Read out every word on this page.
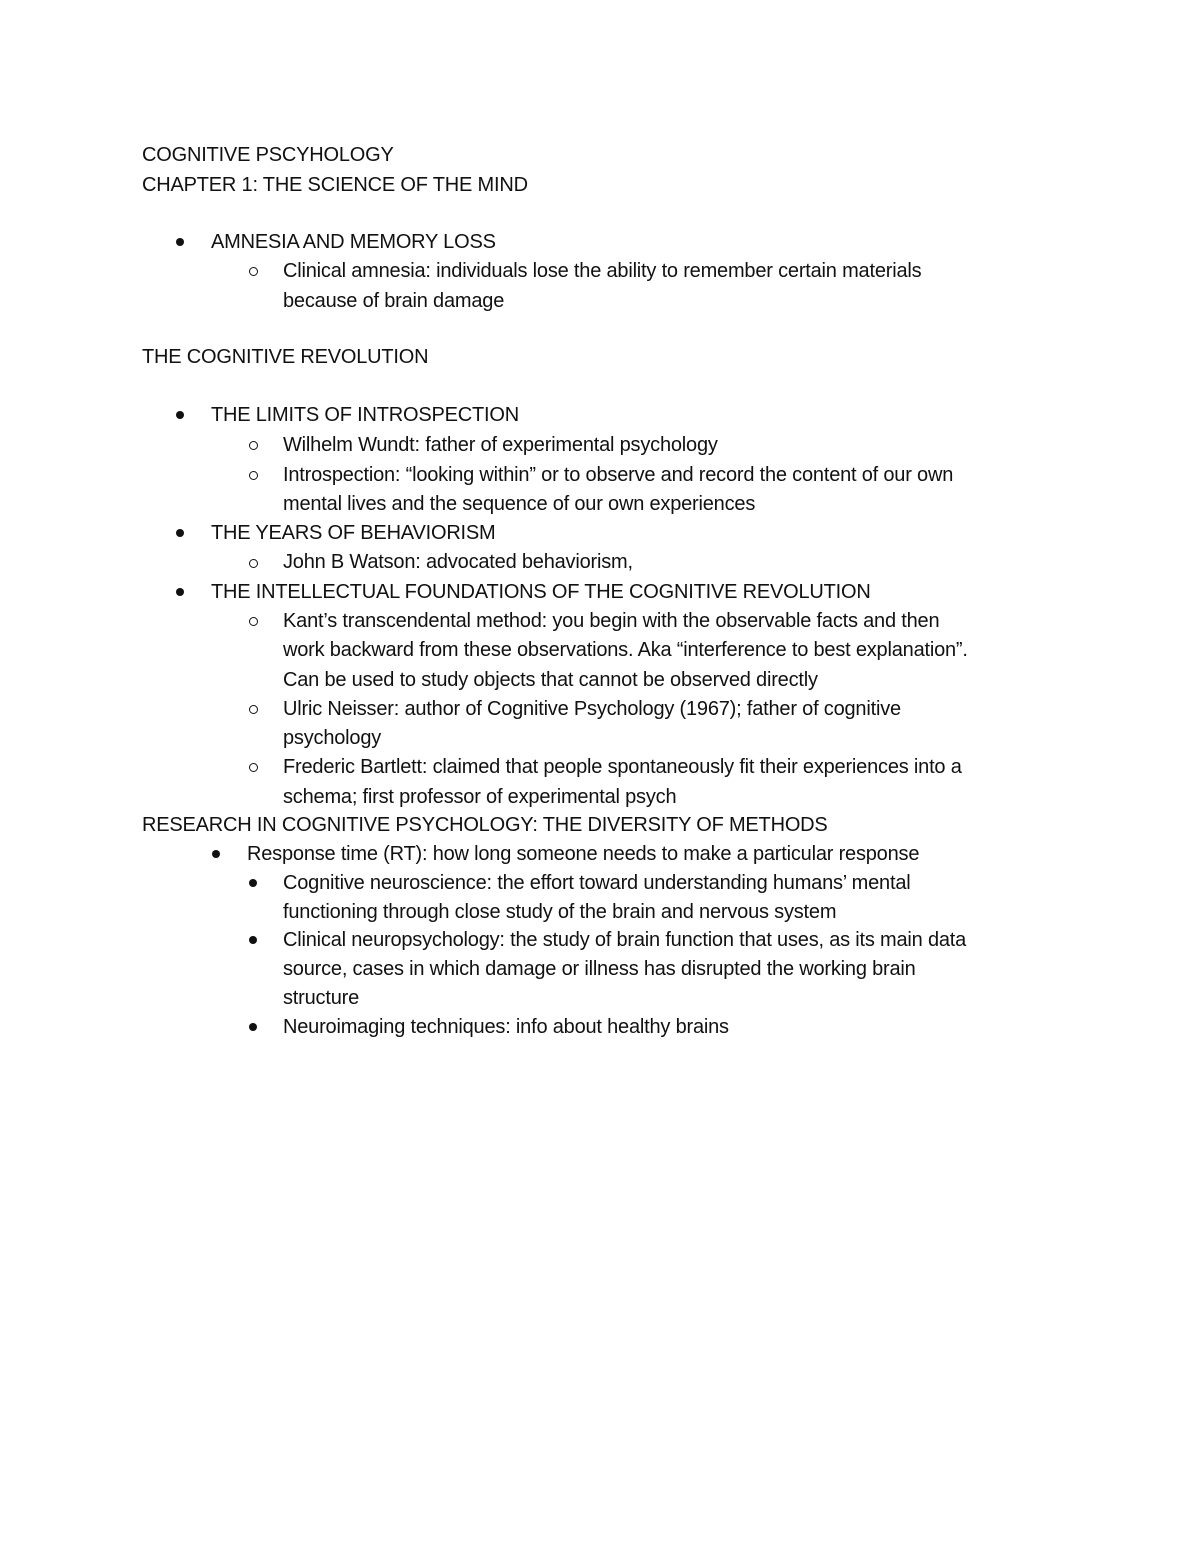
COGNITIVE PSCYHOLOGY
CHAPTER 1: THE SCIENCE OF THE MIND
AMNESIA AND MEMORY LOSS
Clinical amnesia: individuals lose the ability to remember certain materials
because of brain damage
THE COGNITIVE REVOLUTION
THE LIMITS OF INTROSPECTION
Wilhelm Wundt: father of experimental psychology
Introspection: “looking within” or to observe and record the content of our own
mental lives and the sequence of our own experiences
THE YEARS OF BEHAVIORISM
John B Watson: advocated behaviorism,
THE INTELLECTUAL FOUNDATIONS OF THE COGNITIVE REVOLUTION
Kant’s transcendental method: you begin with the observable facts and then
work backward from these observations. Aka “interference to best explanation”.
Can be used to study objects that cannot be observed directly
Ulric Neisser: author of Cognitive Psychology (1967); father of cognitive
psychology
Frederic Bartlett: claimed that people spontaneously fit their experiences into a
schema; first professor of experimental psych
RESEARCH IN COGNITIVE PSYCHOLOGY: THE DIVERSITY OF METHODS
Response time (RT): how long someone needs to make a particular response
Cognitive neuroscience: the effort toward understanding humans’ mental
functioning through close study of the brain and nervous system
Clinical neuropsychology: the study of brain function that uses, as its main data
source, cases in which damage or illness has disrupted the working brain
structure
Neuroimaging techniques: info about healthy brains
